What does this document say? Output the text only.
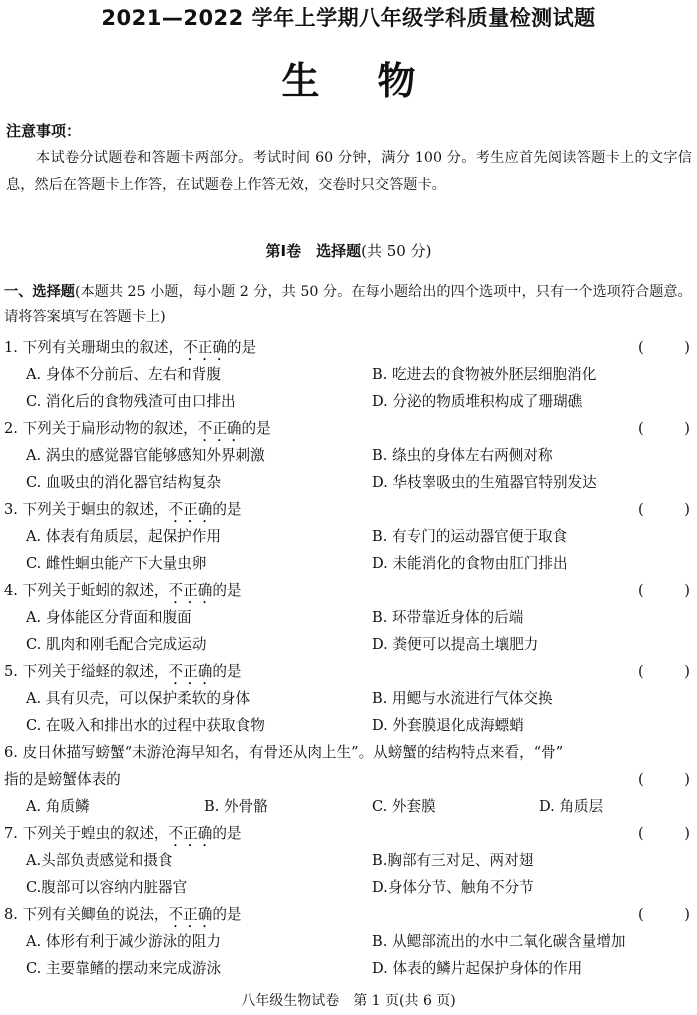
2021—2022 学年上学期八年级学科质量检测试题
生物
注意事项：
本试卷分试题卷和答题卡两部分。考试时间 60 分钟，满分 100 分。考生应首先阅读答题卡上的文字信息，然后在答题卡上作答，在试题卷上作答无效，交卷时只交答题卡。
第Ⅰ卷　选择题(共 50 分)
一、选择题(本题共 25 小题，每小题 2 分，共 50 分。在每小题给出的四个选项中，只有一个选项符合题意。请将答案填写在答题卡上)
1. 下列有关珊瑚虫的叙述，不正确的是	(	)
A. 身体不分前后、左右和背腹	B. 吃进去的食物被外胚层细胞消化
C. 消化后的食物残渣可由口排出	D. 分泌的物质堆积构成了珊瑚礁
2. 下列关于扁形动物的叙述，不正确的是	(	)
A. 涡虫的感觉器官能够感知外界刺激	B. 绦虫的身体左右两侧对称
C. 血吸虫的消化器官结构复杂	D. 华枝睾吸虫的生殖器官特别发达
3. 下列关于蛔虫的叙述，不正确的是	(	)
A. 体表有角质层，起保护作用	B. 有专门的运动器官便于取食
C. 雌性蛔虫能产下大量虫卵	D. 未能消化的食物由肛门排出
4. 下列关于蚯蚓的叙述，不正确的是	(	)
A. 身体能区分背面和腹面	B. 环带靠近身体的后端
C. 肌肉和刚毛配合完成运动	D. 粪便可以提高土壤肥力
5. 下列关于缢蛏的叙述，不正确的是	(	)
A. 具有贝壳，可以保护柔软的身体	B. 用鳃与水流进行气体交换
C. 在吸入和排出水的过程中获取食物	D. 外套膜退化成海螵蛸
6. 皮日休描写螃蟹“未游沧海早知名，有骨还从肉上生”。从螃蟹的结构特点来看，“骨”
指的是螃蟹体表的	(	)
A. 角质鳞	B. 外骨骼	C. 外套膜	D. 角质层
7. 下列关于蝗虫的叙述，不正确的是	(	)
A.头部负责感觉和摄食	B.胸部有三对足、两对翅
C.腹部可以容纳内脏器官	D.身体分节、触角不分节
8. 下列有关鲫鱼的说法，不正确的是	(	)
A. 体形有利于减少游泳的阻力	B. 从鳃部流出的水中二氧化碳含量增加
C. 主要靠鳍的摆动来完成游泳	D. 体表的鳞片起保护身体的作用
八年级生物试卷　第 1 页(共 6 页)
